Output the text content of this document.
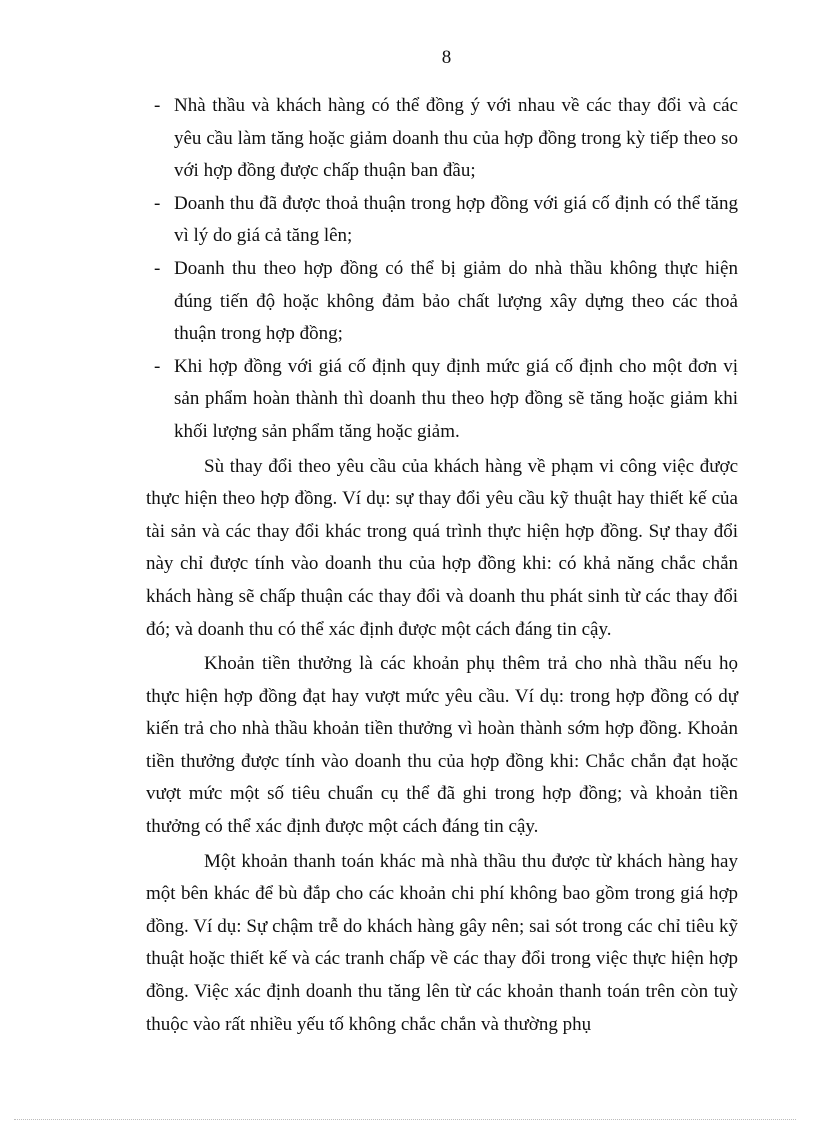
8
- Nhà thầu và khách hàng có thể đồng ý với nhau về các thay đổi và các yêu cầu làm tăng hoặc giảm doanh thu của hợp đồng trong kỳ tiếp theo so với hợp đồng được chấp thuận ban đầu;
- Doanh thu đã được thoả thuận trong hợp đồng với giá cố định có thể tăng vì lý do giá cả tăng lên;
- Doanh thu theo hợp đồng có thể bị giảm do nhà thầu không thực hiện đúng tiến độ hoặc không đảm bảo chất lượng xây dựng theo các thoả thuận trong hợp đồng;
- Khi hợp đồng với giá cố định quy định mức giá cố định cho một đơn vị sản phẩm hoàn thành thì doanh thu theo hợp đồng sẽ tăng hoặc giảm khi khối lượng sản phẩm tăng hoặc giảm.

Sù thay đổi theo yêu cầu của khách hàng về phạm vi công việc được thực hiện theo hợp đồng. Ví dụ: sự thay đổi yêu cầu kỹ thuật hay thiết kế của tài sản và các thay đổi khác trong quá trình thực hiện hợp đồng. Sự thay đổi này chỉ được tính vào doanh thu của hợp đồng khi: có khả năng chắc chắn khách hàng sẽ chấp thuận các thay đổi và doanh thu phát sinh từ các thay đổi đó; và doanh thu có thể xác định được một cách đáng tin cậy.

Khoản tiền thưởng là các khoản phụ thêm trả cho nhà thầu nếu họ thực hiện hợp đồng đạt hay vượt mức yêu cầu. Ví dụ: trong hợp đồng có dự kiến trả cho nhà thầu khoản tiền thưởng vì hoàn thành sớm hợp đồng. Khoản tiền thưởng được tính vào doanh thu của hợp đồng khi: Chắc chắn đạt hoặc vượt mức một số tiêu chuẩn cụ thể đã ghi trong hợp đồng; và khoản tiền thưởng có thể xác định được một cách đáng tin cậy.

Một khoản thanh toán khác mà nhà thầu thu được từ khách hàng hay một bên khác để bù đắp cho các khoản chi phí không bao gồm trong giá hợp đồng. Ví dụ: Sự chậm trễ do khách hàng gây nên; sai sót trong các chỉ tiêu kỹ thuật hoặc thiết kế và các tranh chấp về các thay đổi trong việc thực hiện hợp đồng. Việc xác định doanh thu tăng lên từ các khoản thanh toán trên còn tuỳ thuộc vào rất nhiều yếu tố không chắc chắn và thường phụ
